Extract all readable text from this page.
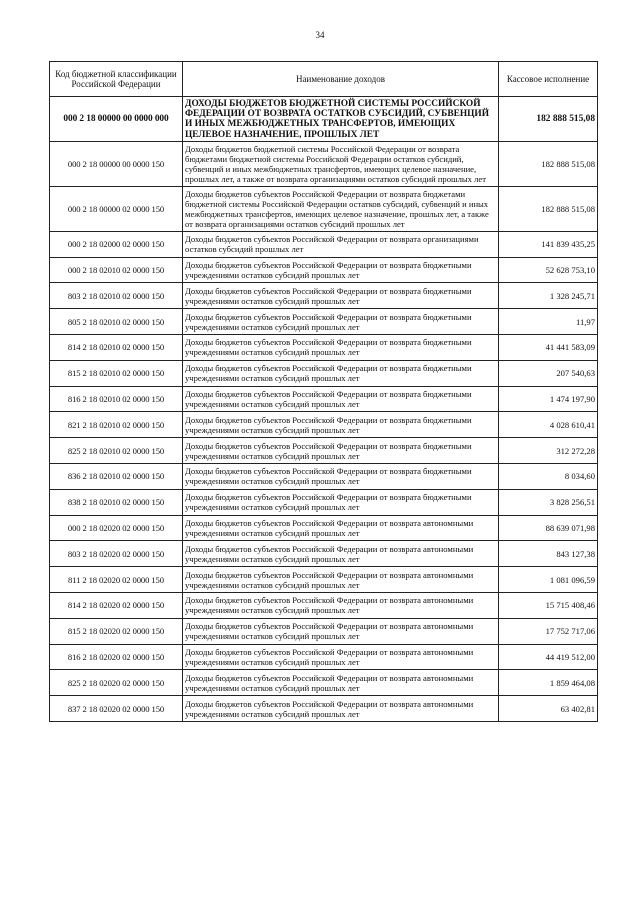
34
Код бюджетной классификации Российской Федерации	Наименование доходов	Кассовое исполнение
000 2 18 00000 00 0000 000	ДОХОДЫ БЮДЖЕТОВ БЮДЖЕТНОЙ СИСТЕМЫ РОССИЙСКОЙ ФЕДЕРАЦИИ ОТ ВОЗВРАТА ОСТАТКОВ СУБСИДИЙ, СУБВЕНЦИЙ И ИНЫХ МЕЖБЮДЖЕТНЫХ ТРАНСФЕРТОВ, ИМЕЮЩИХ ЦЕЛЕВОЕ НАЗНАЧЕНИЕ, ПРОШЛЫХ ЛЕТ	182 888 515,08
000 2 18 00000 00 0000 150	Доходы бюджетов бюджетной системы Российской Федерации от возврата бюджетами бюджетной системы Российской Федерации остатков субсидий, субвенций и иных межбюджетных трансфертов, имеющих целевое назначение, прошлых лет, а также от возврата организациями остатков субсидий прошлых лет	182 888 515,08
000 2 18 00000 02 0000 150	Доходы бюджетов субъектов Российской Федерации от возврата бюджетами бюджетной системы Российской Федерации остатков субсидий, субвенций и иных межбюджетных трансфертов, имеющих целевое назначение, прошлых лет, а также от возврата организациями остатков субсидий прошлых лет	182 888 515,08
000 2 18 02000 02 0000 150	Доходы бюджетов субъектов Российской Федерации от возврата организациями остатков субсидий прошлых лет	141 839 435,25
000 2 18 02010 02 0000 150	Доходы бюджетов субъектов Российской Федерации от возврата бюджетными учреждениями остатков субсидий прошлых лет	52 628 753,10
803 2 18 02010 02 0000 150	Доходы бюджетов субъектов Российской Федерации от возврата бюджетными учреждениями остатков субсидий прошлых лет	1 328 245,71
805 2 18 02010 02 0000 150	Доходы бюджетов субъектов Российской Федерации от возврата бюджетными учреждениями остатков субсидий прошлых лет	11,97
814 2 18 02010 02 0000 150	Доходы бюджетов субъектов Российской Федерации от возврата бюджетными учреждениями остатков субсидий прошлых лет	41 441 583,09
815 2 18 02010 02 0000 150	Доходы бюджетов субъектов Российской Федерации от возврата бюджетными учреждениями остатков субсидий прошлых лет	207 540,63
816 2 18 02010 02 0000 150	Доходы бюджетов субъектов Российской Федерации от возврата бюджетными учреждениями остатков субсидий прошлых лет	1 474 197,90
821 2 18 02010 02 0000 150	Доходы бюджетов субъектов Российской Федерации от возврата бюджетными учреждениями остатков субсидий прошлых лет	4 028 610,41
825 2 18 02010 02 0000 150	Доходы бюджетов субъектов Российской Федерации от возврата бюджетными учреждениями остатков субсидий прошлых лет	312 272,28
836 2 18 02010 02 0000 150	Доходы бюджетов субъектов Российской Федерации от возврата бюджетными учреждениями остатков субсидий прошлых лет	8 034,60
838 2 18 02010 02 0000 150	Доходы бюджетов субъектов Российской Федерации от возврата бюджетными учреждениями остатков субсидий прошлых лет	3 828 256,51
000 2 18 02020 02 0000 150	Доходы бюджетов субъектов Российской Федерации от возврата автономными учреждениями остатков субсидий прошлых лет	88 639 071,98
803 2 18 02020 02 0000 150	Доходы бюджетов субъектов Российской Федерации от возврата автономными учреждениями остатков субсидий прошлых лет	843 127,38
811 2 18 02020 02 0000 150	Доходы бюджетов субъектов Российской Федерации от возврата автономными учреждениями остатков субсидий прошлых лет	1 081 096,59
814 2 18 02020 02 0000 150	Доходы бюджетов субъектов Российской Федерации от возврата автономными учреждениями остатков субсидий прошлых лет	15 715 408,46
815 2 18 02020 02 0000 150	Доходы бюджетов субъектов Российской Федерации от возврата автономными учреждениями остатков субсидий прошлых лет	17 752 717,06
816 2 18 02020 02 0000 150	Доходы бюджетов субъектов Российской Федерации от возврата автономными учреждениями остатков субсидий прошлых лет	44 419 512,00
825 2 18 02020 02 0000 150	Доходы бюджетов субъектов Российской Федерации от возврата автономными учреждениями остатков субсидий прошлых лет	1 859 464,08
837 2 18 02020 02 0000 150	Доходы бюджетов субъектов Российской Федерации от возврата автономными учреждениями остатков субсидий прошлых лет	63 402,81
